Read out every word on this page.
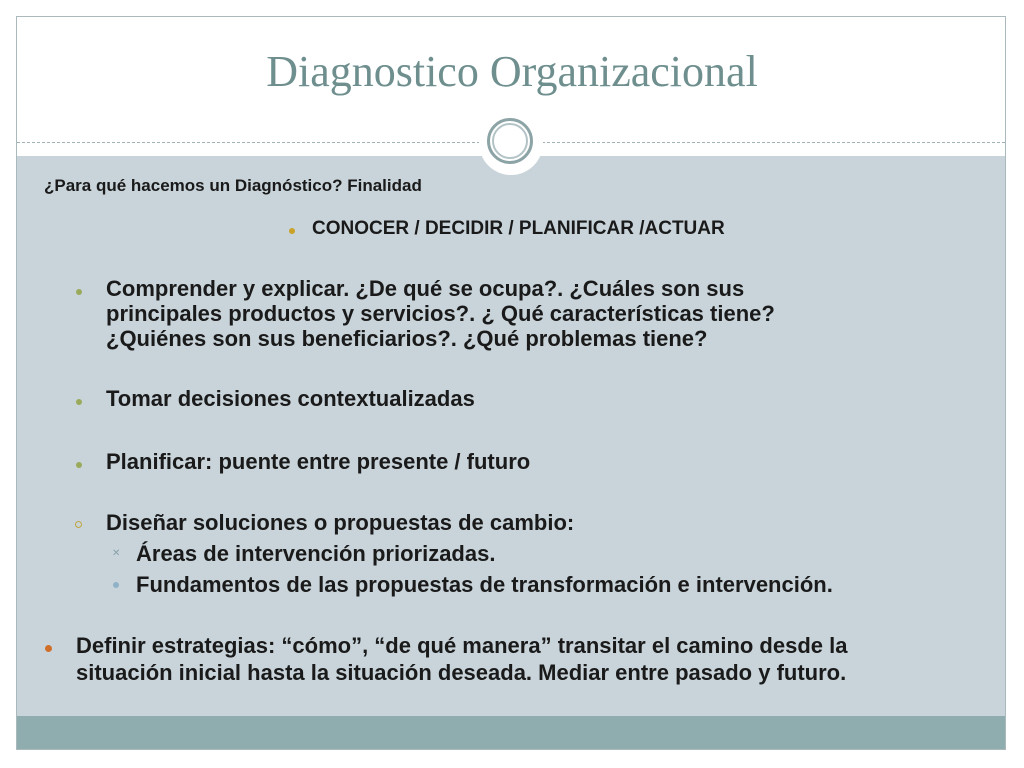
Diagnostico Organizacional
¿Para qué hacemos un Diagnóstico? Finalidad
CONOCER / DECIDIR / PLANIFICAR /ACTUAR
Comprender y explicar. ¿De qué se ocupa?. ¿Cuáles son sus
principales productos y servicios?. ¿ Qué características tiene?
¿Quiénes son sus beneficiarios?. ¿Qué problemas tiene?
Tomar decisiones contextualizadas
Planificar: puente entre presente / futuro
Diseñar soluciones o propuestas de cambio:
✕ Áreas de intervención priorizadas.
Fundamentos de las propuestas de transformación e intervención.
Definir estrategias: “cómo”, “de qué manera” transitar el camino desde la
situación inicial hasta la situación deseada. Mediar entre pasado y futuro.
